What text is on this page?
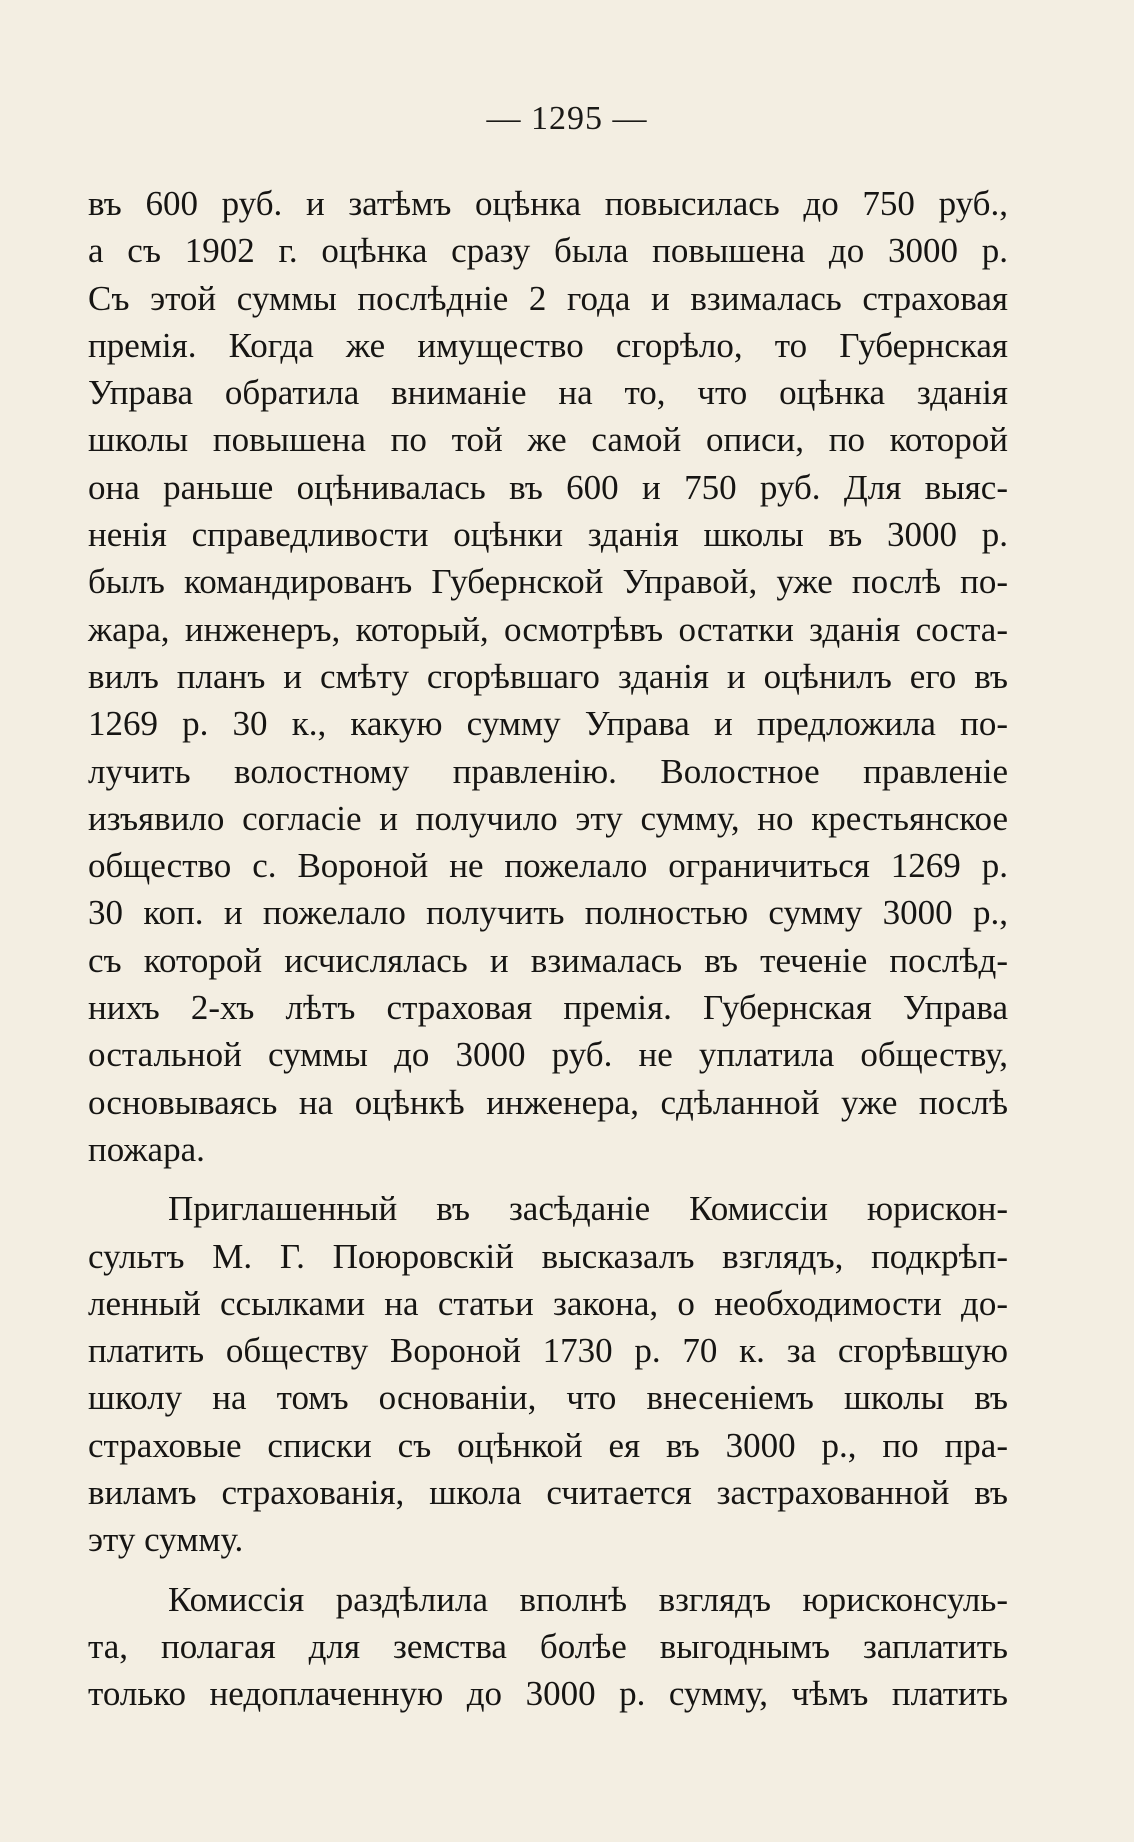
— 1295 —
въ 600 руб. и затѣмъ оцѣнка повысилась до 750 руб.,
а съ 1902 г. оцѣнка сразу была повышена до 3000 р.
Съ этой суммы послѣдніе 2 года и взималась страховая
премія. Когда же имущество сгорѣло, то Губернская
Управа обратила вниманіе на то, что оцѣнка зданія
школы повышена по той же самой описи, по которой
она раньше оцѣнивалась въ 600 и 750 руб. Для выяс-
ненія справедливости оцѣнки зданія школы въ 3000 р.
былъ командированъ Губернской Управой, уже послѣ по-
жара, инженеръ, который, осмотрѣвъ остатки зданія соста-
вилъ планъ и смѣту сгорѣвшаго зданія и оцѣнилъ его въ
1269 р. 30 к., какую сумму Управа и предложила по-
лучить волостному правленію. Волостное правленіе
изъявило согласіе и получило эту сумму, но крестьянское
общество с. Вороной не пожелало ограничиться 1269 р.
30 коп. и пожелало получить полностью сумму 3000 р.,
съ которой исчислялась и взималась въ теченіе послѣд-
нихъ 2-хъ лѣтъ страховая премія. Губернская Управа
остальной суммы до 3000 руб. не уплатила обществу,
основываясь на оцѣнкѣ инженера, сдѣланной уже послѣ
пожара.
Приглашенный въ засѣданіе Комиссіи юрискон-
сультъ М. Г. Поюровскій высказалъ взглядъ, подкрѣп-
ленный ссылками на статьи закона, о необходимости до-
платить обществу Вороной 1730 р. 70 к. за сгорѣвшую
школу на томъ основаніи, что внесеніемъ школы въ
страховые списки съ оцѣнкой ея въ 3000 р., по пра-
виламъ страхованія, школа считается застрахованной въ
эту сумму.
Комиссія раздѣлила вполнѣ взглядъ юрисконсуль-
та, полагая для земства болѣе выгоднымъ заплатить
только недоплаченную до 3000 р. сумму, чѣмъ платить
